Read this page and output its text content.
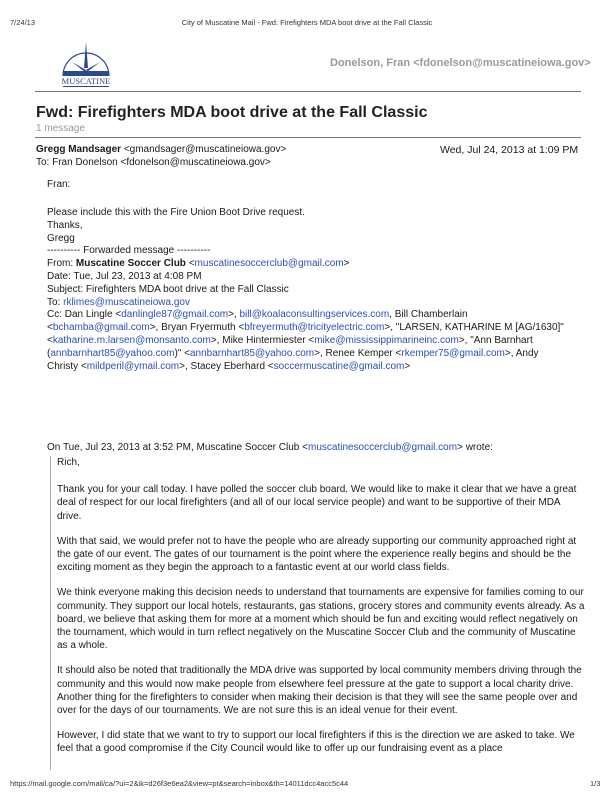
7/24/13	City of Muscatine Mail - Fwd: Firefighters MDA boot drive at the Fall Classic
MUSCATINE
Donelson, Fran <fdonelson@muscatineiowa.gov>
Fwd: Firefighters MDA boot drive at the Fall Classic
1 message
Gregg Mandsager <gmandsager@muscatineiowa.gov>	Wed, Jul 24, 2013 at 1:09 PM
To: Fran Donelson <fdonelson@muscatineiowa.gov>
Fran:
Please include this with the Fire Union Boot Drive request.
Thanks,
Gregg
---------- Forwarded message ----------
From: Muscatine Soccer Club <muscatinesoccerclub@gmail.com>
Date: Tue, Jul 23, 2013 at 4:08 PM
Subject: Firefighters MDA boot drive at the Fall Classic
To: rklimes@muscatineiowa.gov
Cc: Dan Lingle <danlingle87@gmail.com>, bill@koalaconsultingservices.com, Bill Chamberlain <bchamba@gmail.com>, Bryan Fryermuth <bfreyermuth@tricityelectric.com>, "LARSEN, KATHARINE M [AG/1630]" <katharine.m.larsen@monsanto.com>, Mike Hintermiester <mike@mississippimarineinc.com>, "Ann Barnhart (annbarnhart85@yahoo.com)" <annbarnhart85@yahoo.com>, Renee Kemper <rkemper75@gmail.com>, Andy Christy <mildperil@ymail.com>, Stacey Eberhard <soccermuscatine@gmail.com>
On Tue, Jul 23, 2013 at 3:52 PM, Muscatine Soccer Club <muscatinesoccerclub@gmail.com> wrote:

Rich,

Thank you for your call today. I have polled the soccer club board. We would like to make it clear that we have a great deal of respect for our local firefighters (and all of our local service people) and want to be supportive of their MDA drive.

With that said, we would prefer not to have the people who are already supporting our community approached right at the gate of our event. The gates of our tournament is the point where the experience really begins and should be the exciting moment as they begin the approach to a fantastic event at our world class fields.

We think everyone making this decision needs to understand that tournaments are expensive for families coming to our community. They support our local hotels, restaurants, gas stations, grocery stores and community events already. As a board, we believe that asking them for more at a moment which should be fun and exciting would reflect negatively on the tournament, which would in turn reflect negatively on the Muscatine Soccer Club and the community of Muscatine as a whole.

It should also be noted that traditionally the MDA drive was supported by local community members driving through the community and this would now make people from elsewhere feel pressure at the gate to support a local charity drive. Another thing for the firefighters to consider when making their decision is that they will see the same people over and over for the days of our tournaments. We are not sure this is an ideal venue for their event.

However, I did state that we want to try to support our local firefighters if this is the direction we are asked to take. We feel that a good compromise if the City Council would like to offer up our fundraising event as a place

https://mail.google.com/mail/ca/?ui=2&ik=d26f3e6ea2&view=pt&search=inbox&th=14011dcc4acc5c44	1/3
